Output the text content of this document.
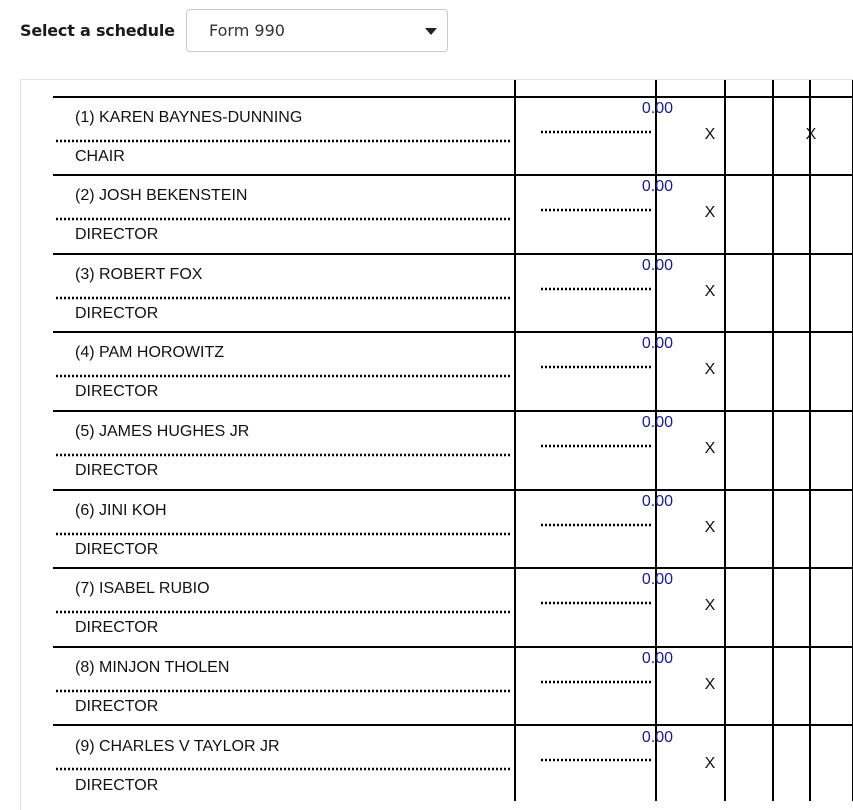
Select a schedule Form 990
(1) KAREN BAYNES-DUNNING
CHAIR
0.00
X	X
(2) JOSH BEKENSTEIN
DIRECTOR
0.00
X
(3) ROBERT FOX
DIRECTOR
0.00
X
(4) PAM HOROWITZ
DIRECTOR
0.00
X
(5) JAMES HUGHES JR
DIRECTOR
0.00
X
(6) JINI KOH
DIRECTOR
0.00
X
(7) ISABEL RUBIO
DIRECTOR
0.00
X
(8) MINJON THOLEN
DIRECTOR
0.00
X
(9) CHARLES V TAYLOR JR
DIRECTOR
0.00
X
